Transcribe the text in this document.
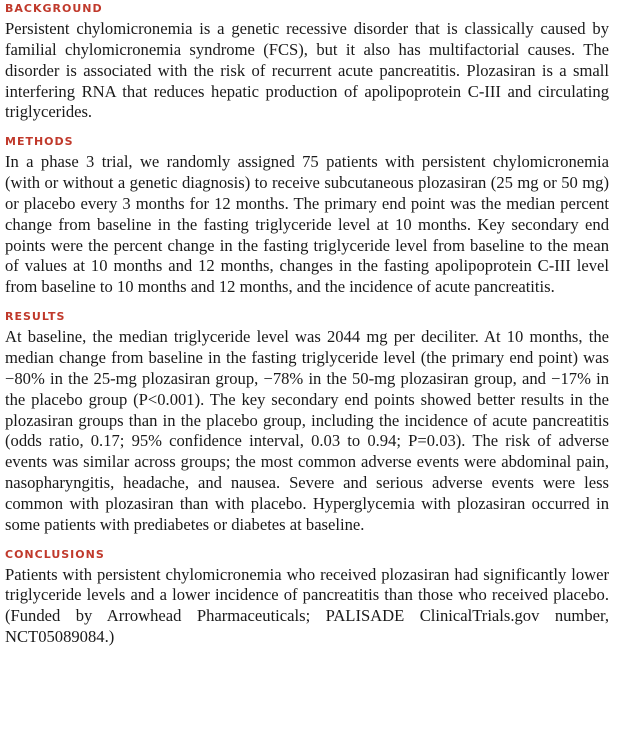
BACKGROUND

Persistent chylomicronemia is a genetic recessive disorder that is classically caused by familial chylomicronemia syndrome (FCS), but it also has multifactorial causes. The disorder is associated with the risk of recurrent acute pancreatitis. Plozasiran is a small interfering RNA that reduces hepatic production of apolipoprotein C-III and circulating triglycerides.

METHODS

In a phase 3 trial, we randomly assigned 75 patients with persistent chylomicronemia (with or without a genetic diagnosis) to receive subcutaneous plozasiran (25 mg or 50 mg) or placebo every 3 months for 12 months. The primary end point was the median percent change from baseline in the fasting triglyceride level at 10 months. Key secondary end points were the percent change in the fasting triglyceride level from baseline to the mean of values at 10 months and 12 months, changes in the fasting apolipoprotein C-III level from baseline to 10 months and 12 months, and the incidence of acute pancreatitis.

RESULTS

At baseline, the median triglyceride level was 2044 mg per deciliter. At 10 months, the median change from baseline in the fasting triglyceride level (the primary end point) was −80% in the 25-mg plozasiran group, −78% in the 50-mg plozasiran group, and −17% in the placebo group (P<0.001). The key secondary end points showed better results in the plozasiran groups than in the placebo group, including the incidence of acute pancreatitis (odds ratio, 0.17; 95% confidence interval, 0.03 to 0.94; P=0.03). The risk of adverse events was similar across groups; the most common adverse events were abdominal pain, nasopharyngitis, headache, and nausea. Severe and serious adverse events were less common with plozasiran than with placebo. Hyperglycemia with plozasiran occurred in some patients with prediabetes or diabetes at baseline.

CONCLUSIONS

Patients with persistent chylomicronemia who received plozasiran had significantly lower triglyceride levels and a lower incidence of pancreatitis than those who received placebo. (Funded by Arrowhead Pharmaceuticals; PALISADE ClinicalTrials​.gov number, NCT05089084.)
